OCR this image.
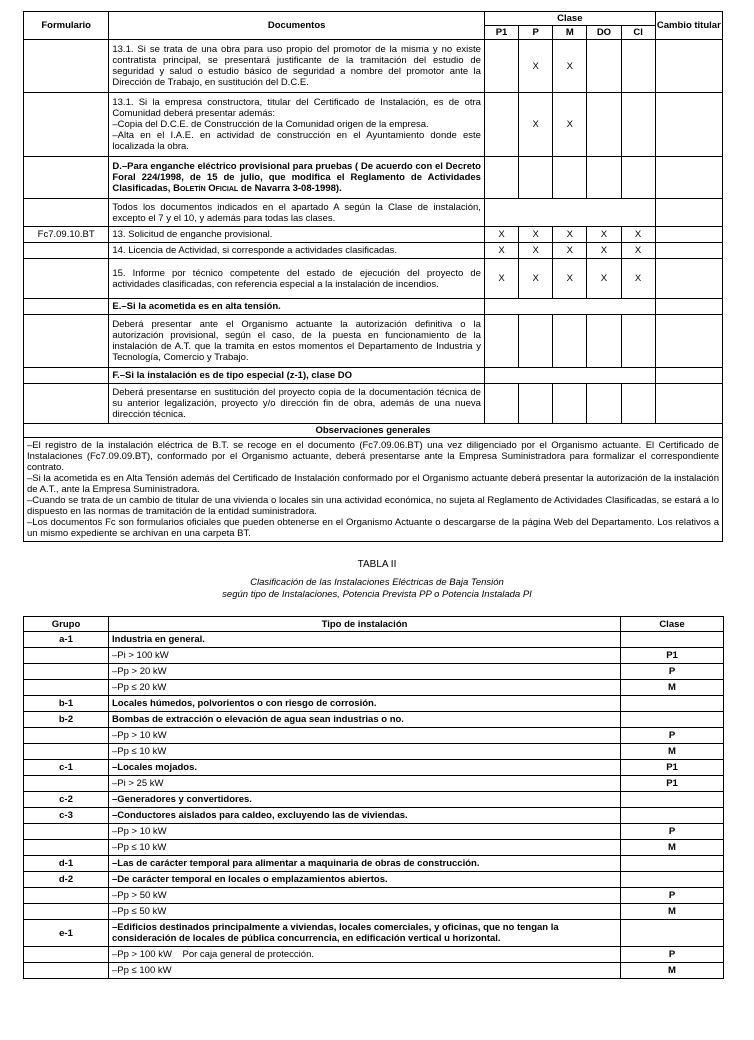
Formulario	Documentos	Clase					Cambio titular
		P1	P	M	DO	CI	
	13.1. Si se trata de una obra para uso propio del promotor de la misma y no existe contratista principal, se presentará justificante de la tramitación del estudio de seguridad y salud o estudio básico de seguridad a nombre del promotor ante la Dirección de Trabajo, en sustitución del D.C.E.		X	X			

	13.1. Si la empresa constructora, titular del Certificado de Instalación, es de otra Comunidad deberá presentar además:
–Copia del D.C.E. de Construcción de la Comunidad origen de la empresa.
–Alta en el I.A.E. en actividad de construcción en el Ayuntamiento donde este localizada la obra.		X	X			
	D.–Para enganche eléctrico provisional para pruebas ( De acuerdo con el Decreto Foral 224/1998, de 15 de julio, que modifica el Reglamento de Actividades Clasificadas, Boletín Oficial de Navarra 3-08-1998).						
	Todos los documentos indicados en el apartado A según la Clase de instalación, excepto el 7 y el 10, y además para todas las clases.						
Fc7.09.10.BT	13. Solicitud de enganche provisional.	X	X	X	X	X	
	14. Licencia de Actividad, si corresponde a actividades clasificadas.	X	X	X	X	X	
	15. Informe por técnico competente del estado de ejecución del proyecto de actividades clasificadas, con referencia especial a la instalación de incendios.	X	X	X	X	X	
	E.–Si la acometida es en alta tensión.						
	Deberá presentar ante el Organismo actuante la autorización definitiva o la autorización provisional, según el caso, de la puesta en funcionamiento de la instalación de A.T. que la tramita en estos momentos el Departamento de Industria y Tecnología, Comercio y Trabajo.						
	F.–Si la instalación es de tipo especial (z-1), clase DO						
	Deberá presentarse en sustitución del proyecto copia de la documentación técnica de su anterior legalización, proyecto y/o dirección fin de obra, además de una nueva dirección técnica.						
Observaciones generales							

–El registro de la instalación eléctrica de B.T. se recoge en el documento (Fc7.09.06.BT) una vez diligenciado por el Organismo actuante. El Certificado de Instalaciones (Fc7.09.09.BT), conformado por el Organismo actuante, deberá presentarse ante la Empresa Suministradora para formalizar el correspondiente contrato.
–Si la acometida es en Alta Tensión además del Certificado de Instalación conformado por el Organismo actuante deberá presentar la autorización de la instalación de A.T., ante la Empresa Suministradora.
–Cuando se trata de un cambio de titular de una vivienda o locales sin una actividad económica, no sujeta al Reglamento de Actividades Clasificadas, se estará a lo dispuesto en las normas de tramitación de la entidad suministradora.
–Los documentos Fc son formularios oficiales que pueden obtenerse en el Organismo Actuante o descargarse de la página Web del Departamento. Los relativos a un mismo expediente se archivan en una carpeta BT.							
TABLA II
Clasificación de las Instalaciones Eléctricas de Baja Tensión
según tipo de Instalaciones, Potencia Prevista PP o Potencia Instalada PI
Grupo	Tipo de instalación	Clase
a-1	Industria en general.	
	–Pi > 100 kW	P1
	–Pp > 20 kW	P
	–Pp ≤ 20 kW	M
b-1	Locales húmedos, polvorientos o con riesgo de corrosión.	
b-2	Bombas de extracción o elevación de agua sean industrias o no.	
	–Pp > 10 kW	P
	–Pp ≤ 10 kW	M
c-1	–Locales mojados.	P1
	–Pi > 25 kW	P1
c-2	–Generadores y convertidores.	
c-3	–Conductores aislados para caldeo, excluyendo las de viviendas.	
	–Pp > 10 kW	P
	–Pp ≤ 10 kW	M
d-1	–Las de carácter temporal para alimentar a maquinaria de obras de construcción.	
d-2	–De carácter temporal en locales o emplazamientos abiertos.	
	–Pp > 50 kW	P
	–Pp ≤ 50 kW	M
e-1	–Edificios destinados principalmente a viviendas, locales comerciales, y oficinas, que no tengan la consideración de locales de pública concurrencia, en edificación vertical u horizontal.	
	–Pp > 100 kW    Por caja general de protección.	P
	–Pp ≤ 100 kW	M
